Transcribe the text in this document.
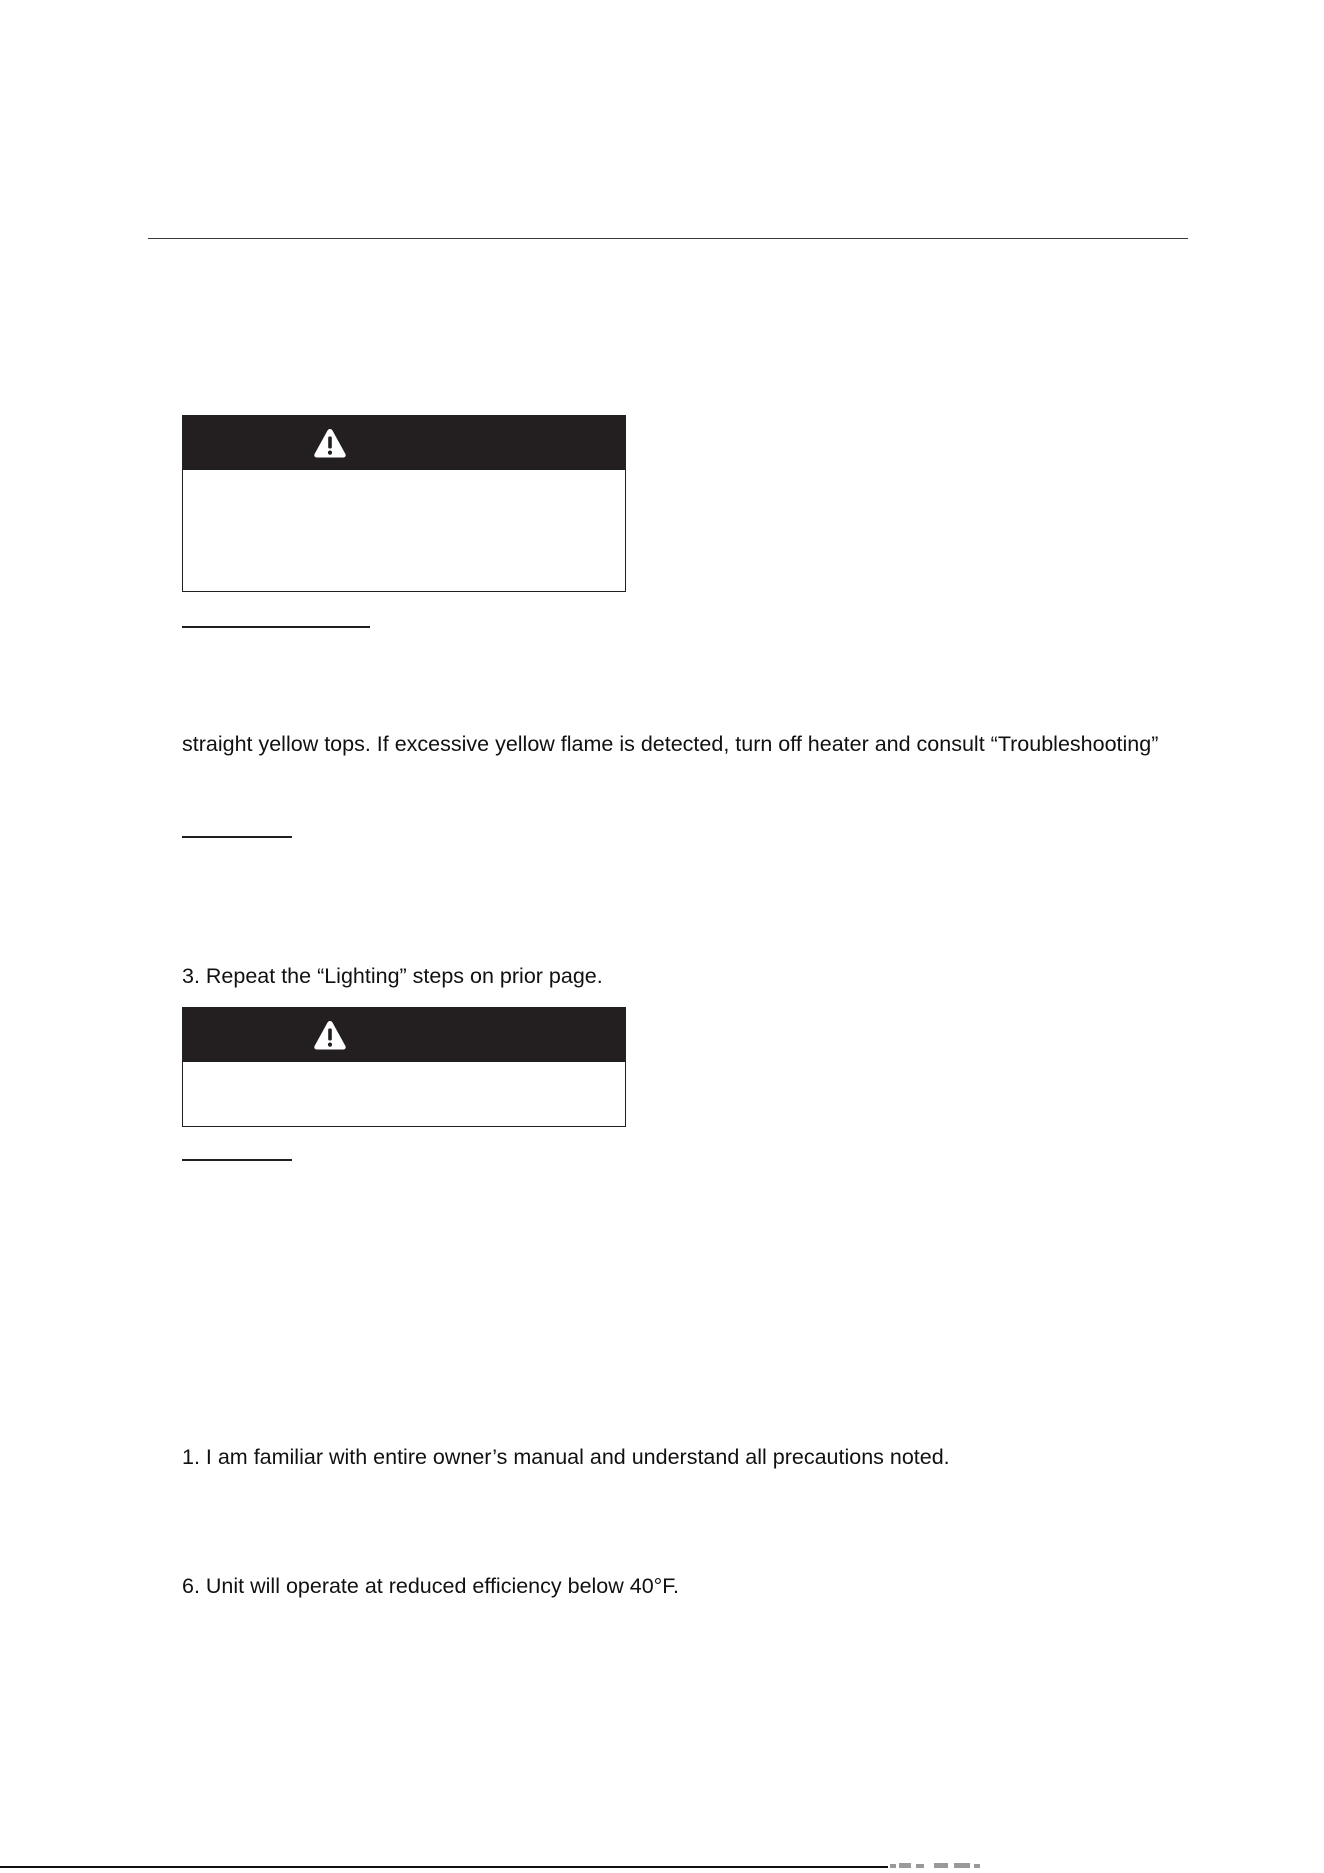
straight yellow tops. If excessive yellow flame is detected, turn off heater and consult “Troubleshooting”
3. Repeat the “Lighting” steps on prior page.
1. I am familiar with entire owner’s manual and understand all precautions noted.
6. Unit will operate at reduced efficiency below 40°F.
